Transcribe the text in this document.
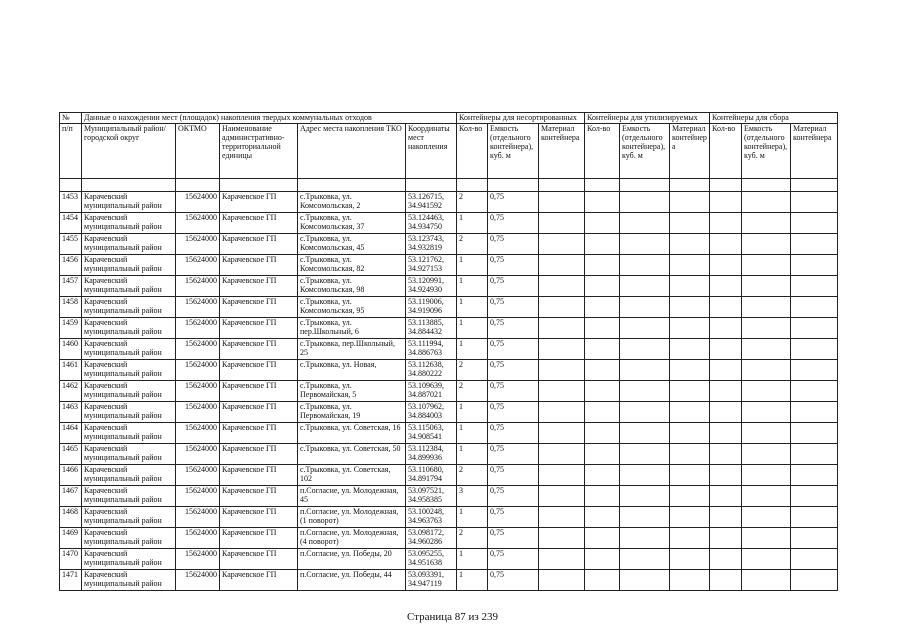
№	Данные о нахождении мест (площадок) накопления твердых коммунальных отходов					Контейнеры для несортированных			Контейнеры для утилизируемых			Контейнеры для сбора		
п/п	Муниципальный район/городской округ	ОКТМО	Наименование административно-территориальной единицы	Адрес места накопления ТКО	Координаты мест накопления	Кол-во	Емкость (отдельного контейнера), куб. м	Материал контейнера	Кол-во	Емкость (отдельного контейнера), куб. м	Материал контейнер а	Кол-во	Емкость (отдельного контейнера), куб. м	Материал контейнера

1453	Карачевский муниципальный район	15624000	Карачевское ГП	с.Трыковка, ул. Комсомольская, 2	53.126715, 34.941592	2	0,75							
1454	Карачевский муниципальный район	15624000	Карачевское ГП	с.Трыковка, ул. Комсомольская, 37	53.124463, 34.934750	1	0,75							
1455	Карачевский муниципальный район	15624000	Карачевское ГП	с.Трыковка, ул. Комсомольская, 45	53.123743, 34.932819	2	0,75							
1456	Карачевский муниципальный район	15624000	Карачевское ГП	с.Трыковка, ул. Комсомольская, 82	53.121762, 34.927153	1	0,75							
1457	Карачевский муниципальный район	15624000	Карачевское ГП	с.Трыковка, ул. Комсомольская, 98	53.120991, 34.924930	1	0,75							
1458	Карачевский муниципальный район	15624000	Карачевское ГП	с.Трыковка, ул. Комсомольская, 95	53.119006, 34.919096	1	0,75							
1459	Карачевский муниципальный район	15624000	Карачевское ГП	с.Трыковка, ул. пер.Школьный, 6	53.113885, 34.884432	1	0,75							
1460	Карачевский муниципальный район	15624000	Карачевское ГП	с.Трыковка, пер.Школьный, 25	53.111994, 34.886763	1	0,75							
1461	Карачевский муниципальный район	15624000	Карачевское ГП	с.Трыковка, ул. Новая,	53.112638, 34.880222	2	0,75							
1462	Карачевский муниципальный район	15624000	Карачевское ГП	с.Трыковка, ул. Первомайская, 5	53.109639, 34.887021	2	0,75							
1463	Карачевский муниципальный район	15624000	Карачевское ГП	с.Трыковка, ул. Первомайская, 19	53.107962, 34.884003	1	0,75							
1464	Карачевский муниципальный район	15624000	Карачевское ГП	с.Трыковка, ул. Советская, 16	53.115063, 34.908541	1	0,75							
1465	Карачевский муниципальный район	15624000	Карачевское ГП	с.Трыковка, ул. Советская, 50	53.112384, 34.899936	1	0,75							
1466	Карачевский муниципальный район	15624000	Карачевское ГП	с.Трыковка, ул. Советская, 102	53.110680, 34.891794	2	0,75							
1467	Карачевский муниципальный район	15624000	Карачевское ГП	п.Согласие, ул. Молодежная, 45	53.097521, 34.958385	3	0,75							
1468	Карачевский муниципальный район	15624000	Карачевское ГП	п.Согласие, ул. Молодежная, (1 поворот)	53.100248, 34.963763	1	0,75							
1469	Карачевский муниципальный район	15624000	Карачевское ГП	п.Согласие, ул. Молодежная, (4 поворот)	53.098172, 34.960286	2	0,75							
1470	Карачевский муниципальный район	15624000	Карачевское ГП	п.Согласие, ул. Победы, 20	53.095255, 34.951638	1	0,75							
1471	Карачевский муниципальный район	15624000	Карачевское ГП	п.Согласие, ул. Победы, 44	53.093391, 34.947119	1	0,75							
Страница 87 из 239
